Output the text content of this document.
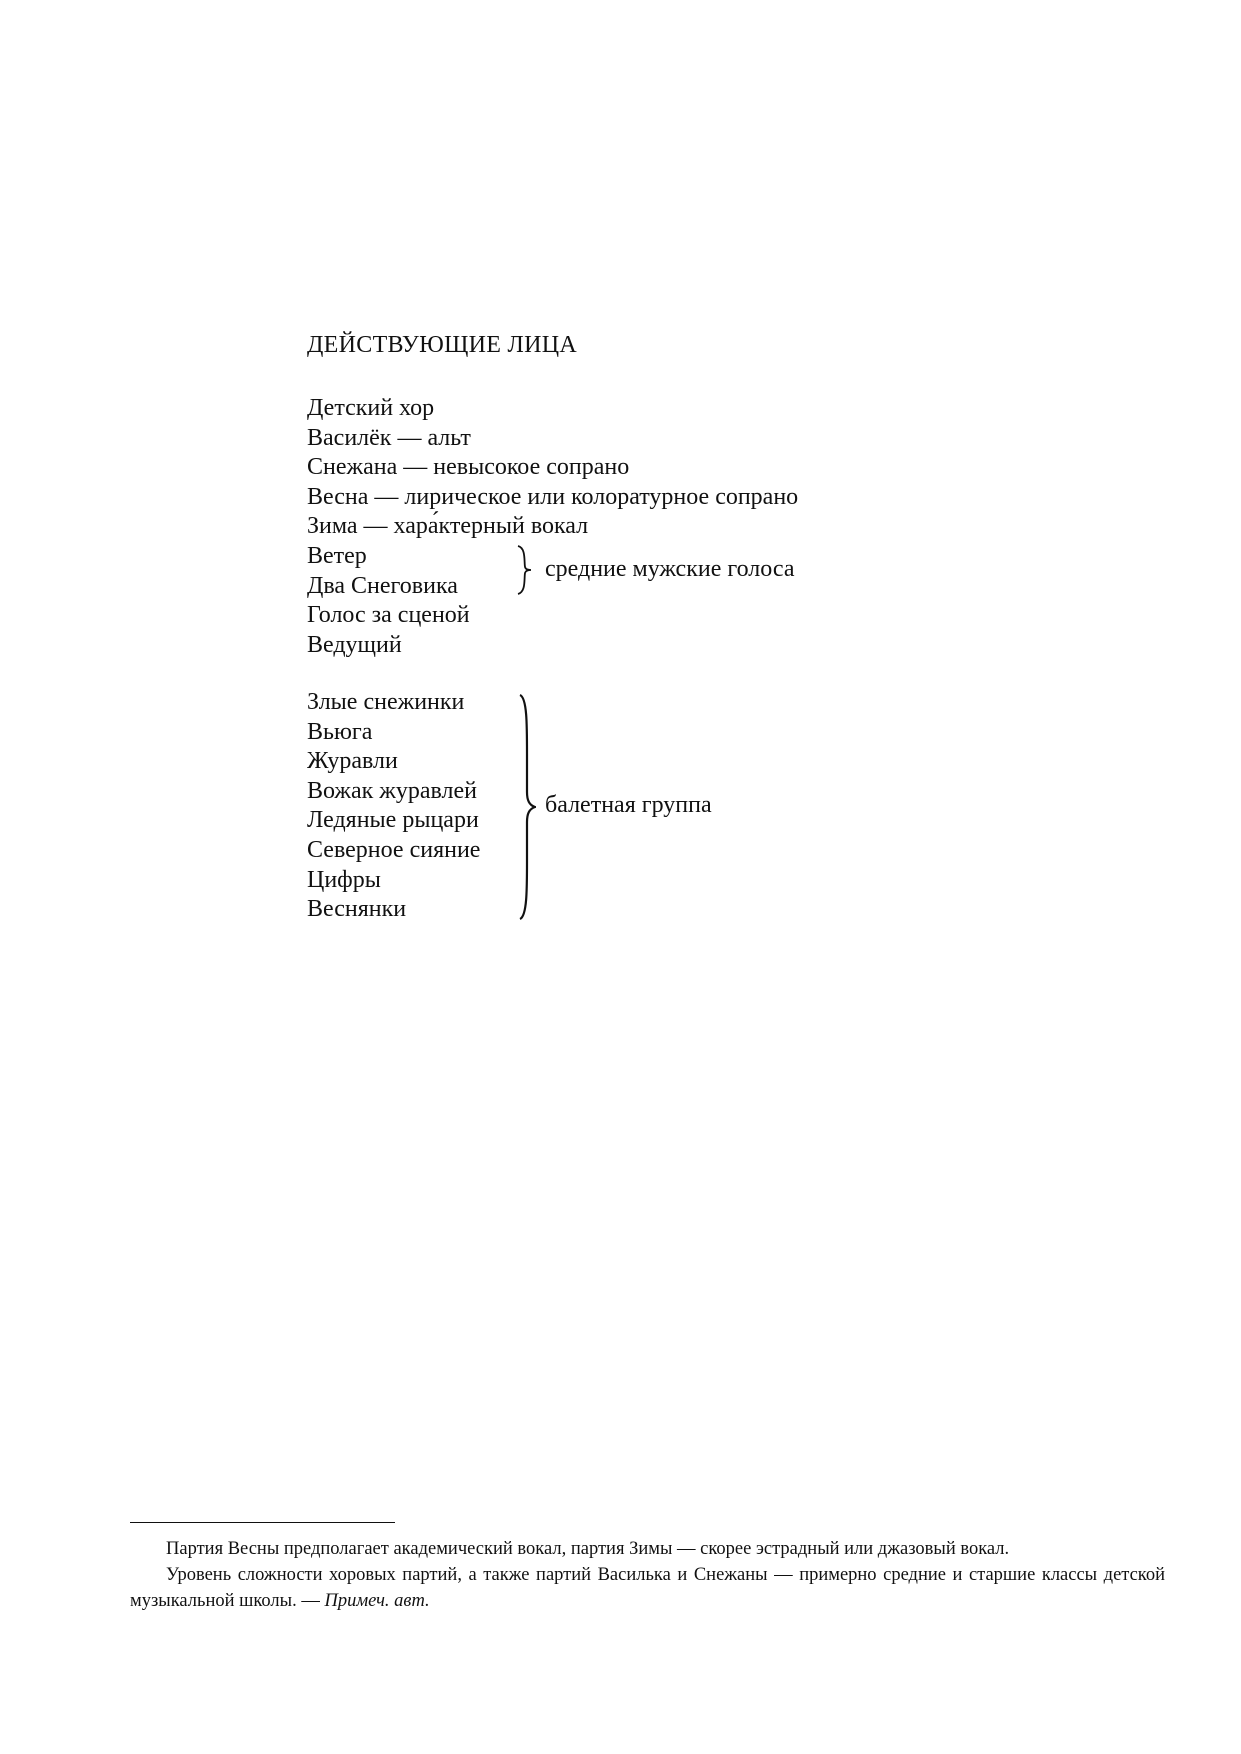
ДЕЙСТВУЮЩИЕ ЛИЦА
Детский хор
Василёк — альт
Снежана — невысокое сопрано
Весна — лирическое или колоратурное сопрано
Зима — хара́ктерный вокал
Ветер
Два Снеговика
Голос за сценой
Ведущий
средние мужские голоса
Злые снежинки
Вьюга
Журавли
Вожак журавлей
Ледяные рыцари
Северное сияние
Цифры
Веснянки
балетная группа

Партия Весны предполагает академический вокал, партия Зимы — скорее эстрадный или джазовый вокал.

Уровень сложности хоровых партий, а также партий Василька и Снежаны — примерно средние и старшие классы детской музыкальной школы. — Примеч. авт.
